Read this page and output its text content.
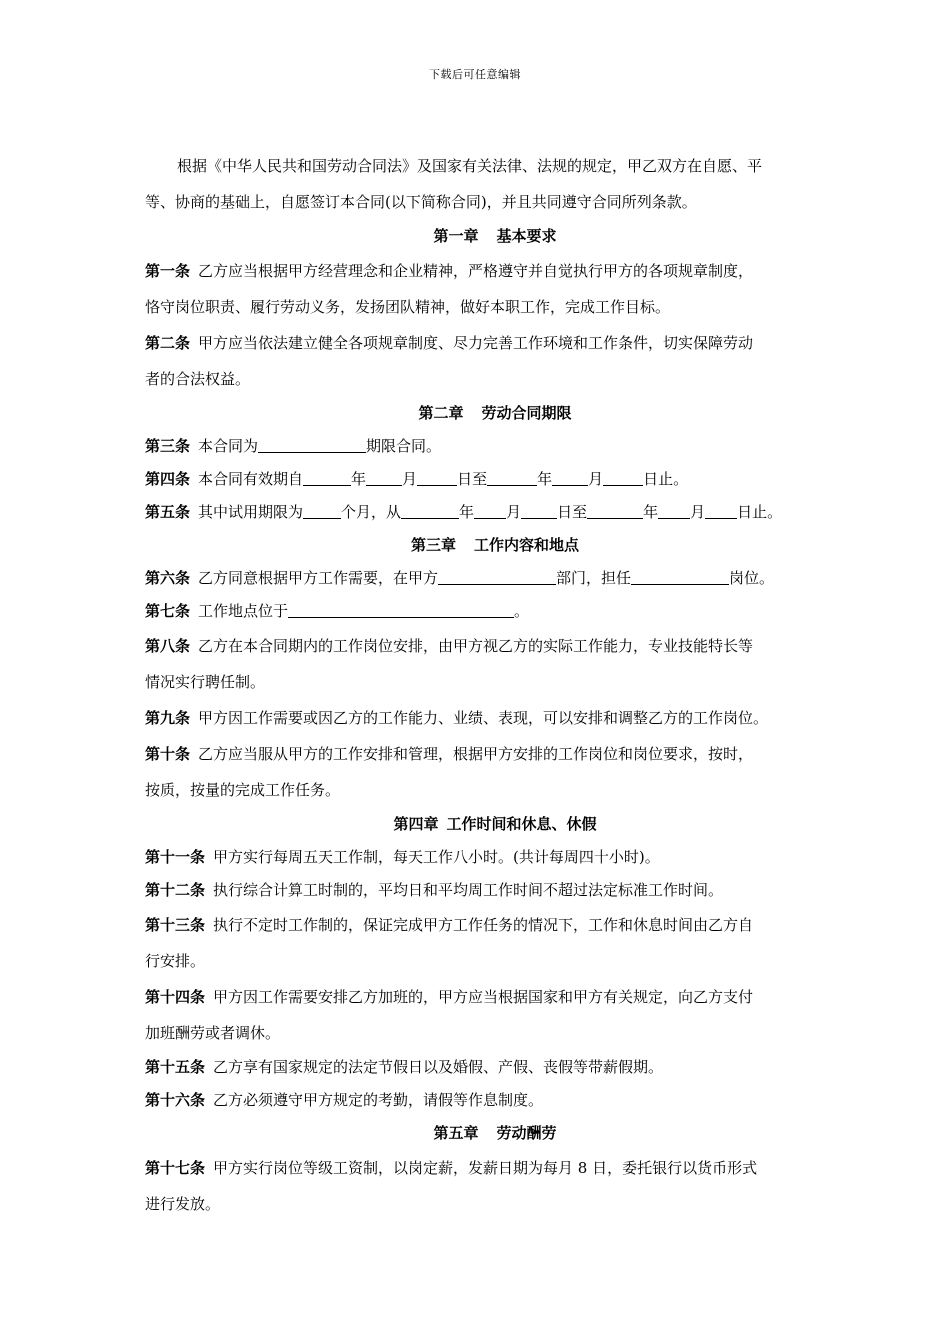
下载后可任意编辑

根据《中华人民共和国劳动合同法》及国家有关法律、法规的规定，甲乙双方在自愿、平
等、协商的基础上，自愿签订本合同(以下简称合同)，并且共同遵守合同所列条款。

第一章 基本要求

第一条 乙方应当根据甲方经营理念和企业精神，严格遵守并自觉执行甲方的各项规章制度，
恪守岗位职责、履行劳动义务，发扬团队精神，做好本职工作，完成工作目标。

第二条 甲方应当依法建立健全各项规章制度、尽力完善工作环境和工作条件，切实保障劳动
者的合法权益。

第二章 劳动合同期限

第三条 本合同为	期限合同。

第四条 本合同有效期自	年 月	日至	年 月	日止。

第五条 其中试用期限为	个月，从	年 月 日至	年 月 日止。

第三章 工作内容和地点

第六条 乙方同意根据甲方工作需要，在甲方	部门，担任	岗位。

第七条 工作地点位于	。

第八条 乙方在本合同期内的工作岗位安排，由甲方视乙方的实际工作能力，专业技能特长等
情况实行聘任制。

第九条 甲方因工作需要或因乙方的工作能力、业绩、表现，可以安排和调整乙方的工作岗位。

第十条 乙方应当服从甲方的工作安排和管理，根据甲方安排的工作岗位和岗位要求，按时，
按质，按量的完成工作任务。

第四章 工作时间和休息、休假

第十一条 甲方实行每周五天工作制，每天工作八小时。(共计每周四十小时)。

第十二条 执行综合计算工时制的，平均日和平均周工作时间不超过法定标准工作时间。

第十三条 执行不定时工作制的，保证完成甲方工作任务的情况下，工作和休息时间由乙方自
行安排。

第十四条 甲方因工作需要安排乙方加班的，甲方应当根据国家和甲方有关规定，向乙方支付
加班酬劳或者调休。

第十五条 乙方享有国家规定的法定节假日以及婚假、产假、丧假等带薪假期。

第十六条 乙方必须遵守甲方规定的考勤，请假等作息制度。

第五章 劳动酬劳

第十七条 甲方实行岗位等级工资制，以岗定薪，发薪日期为每月 8 日，委托银行以货币形式
进行发放。
